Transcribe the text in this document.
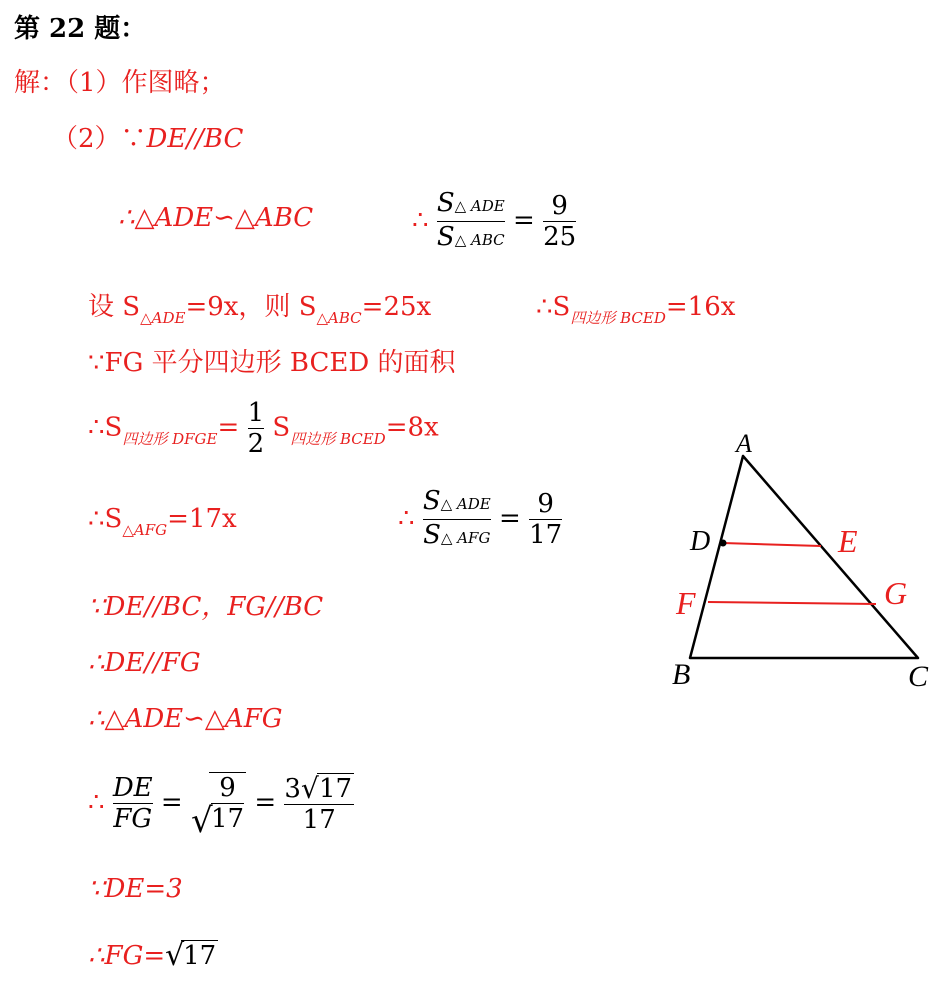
第 22 题：
解：（1）作图略；
（2）∵DE//BC
∴△ADE∽△ABC	∴ $\frac{\text{S△ ADE}}{\text{S△ ABC}} = \frac{9}{25}$
设 $S_{\triangle ADE}=9x$，则 $S_{\triangle ABC}=25x$	$\therefore S_{四边形 BCED}=16x$
∵FG 平分四边形 BCED 的面积
$\therefore S_{四边形 DFGE}= \frac{1}{2} S_{四边形 BCED}=8x$
$\therefore S_{\triangle AFG}=17x$	∴ $\frac{\text{S△ ADE}}{\text{S△ AFG}} = \frac{9}{17}$
∵DE//BC，FG//BC
∴DE//FG
∴△ADE∽△AFG
∴ $\frac{DE}{FG}$ = √
$\frac{9}{17} = \frac{3 √ 17}{17}$
∵DE=3
∴FG= √
17
A
D	E
F	G
B	C
